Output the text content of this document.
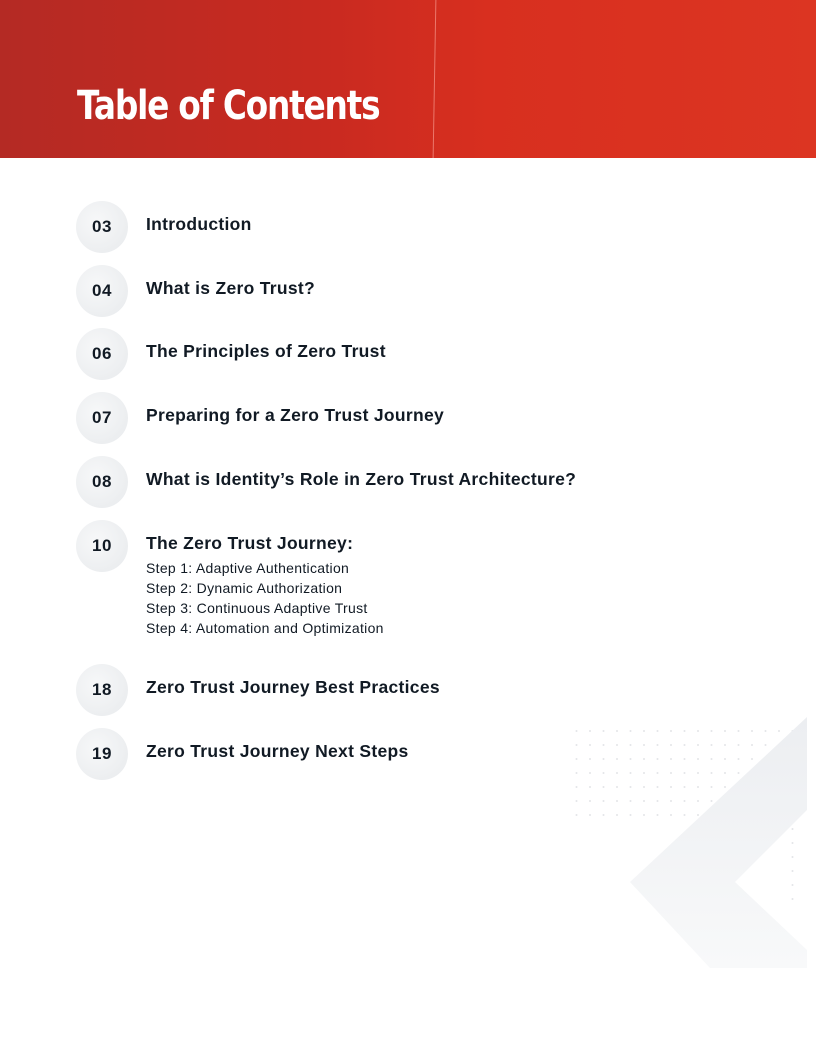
Table of Contents
03	Introduction
04	What is Zero Trust?
06	The Principles of Zero Trust
07	Preparing for a Zero Trust Journey
08	What is Identity’s Role in Zero Trust Architecture?
10	The Zero Trust Journey:
Step 1: Adaptive Authentication
Step 2: Dynamic Authorization
Step 3: Continuous Adaptive Trust
Step 4: Automation and Optimization
18	Zero Trust Journey Best Practices
19	Zero Trust Journey Next Steps
